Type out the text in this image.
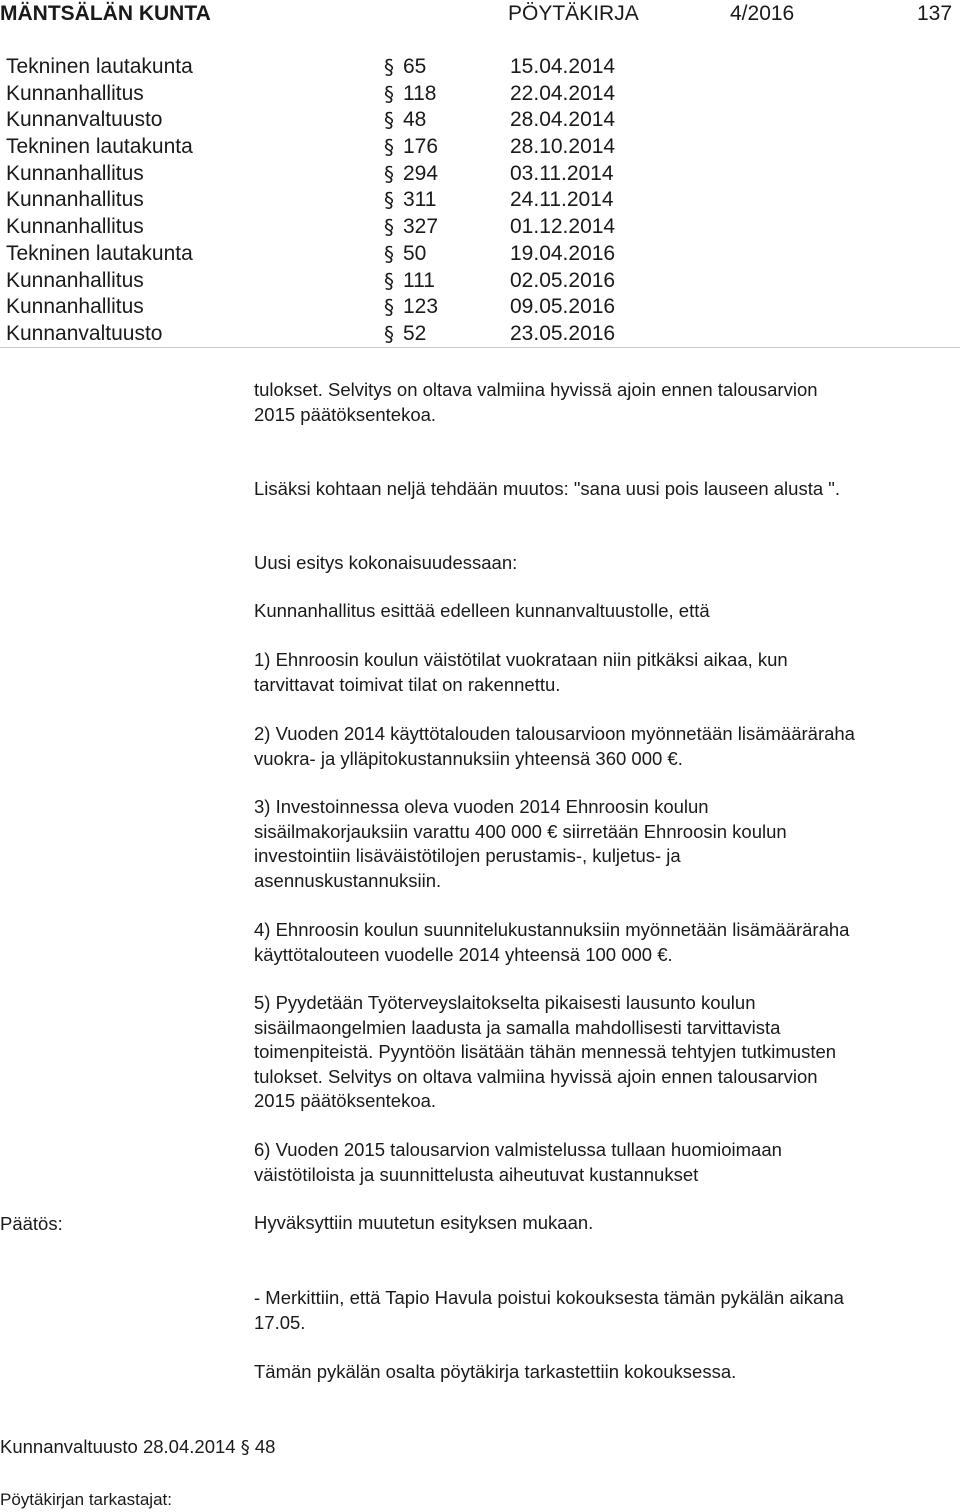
MÄNTSÄLÄN KUNTA	PÖYTÄKIRJA	4/2016	137
Tekninen lautakunta	§ 65	15.04.2014
Kunnanhallitus	§ 118	22.04.2014
Kunnanvaltuusto	§ 48	28.04.2014
Tekninen lautakunta	§ 176	28.10.2014
Kunnanhallitus	§ 294	03.11.2014
Kunnanhallitus	§ 311	24.11.2014
Kunnanhallitus	§ 327	01.12.2014
Tekninen lautakunta	§ 50	19.04.2016
Kunnanhallitus	§ 111	02.05.2016
Kunnanhallitus	§ 123	09.05.2016
Kunnanvaltuusto	§ 52	23.05.2016
tulokset. Selvitys on oltava valmiina hyvissä ajoin ennen talousarvion
2015 päätöksentekoa.
Lisäksi kohtaan neljä tehdään muutos: "sana uusi pois lauseen alusta ".
Uusi esitys kokonaisuudessaan:
Kunnanhallitus esittää edelleen kunnanvaltuustolle, että
1) Ehnroosin koulun väistötilat vuokrataan niin pitkäksi aikaa, kun
tarvittavat toimivat tilat on rakennettu.
2) Vuoden 2014 käyttötalouden talousarvioon myönnetään lisämääräraha
vuokra- ja ylläpitokustannuksiin yhteensä 360 000 €.
3) Investoinnessa oleva vuoden 2014 Ehnroosin koulun
sisäilmakorjauksiin varattu 400 000 € siirretään Ehnroosin koulun
investointiin lisäväistötilojen perustamis-, kuljetus- ja
asennuskustannuksiin.
4) Ehnroosin koulun suunnitelukustannuksiin myönnetään lisämääräraha
käyttötalouteen vuodelle 2014 yhteensä 100 000 €.
5) Pyydetään Työterveyslaitokselta pikaisesti lausunto koulun
sisäilmaongelmien laadusta ja samalla mahdollisesti tarvittavista
toimenpiteistä. Pyyntöön lisätään tähän mennessä tehtyjen tutkimusten
tulokset. Selvitys on oltava valmiina hyvissä ajoin ennen talousarvion
2015 päätöksentekoa.
6) Vuoden 2015 talousarvion valmistelussa tullaan huomioimaan
väistötiloista ja suunnittelusta aiheutuvat kustannukset
Päätös:	Hyväksyttiin muutetun esityksen mukaan.
- Merkittiin, että Tapio Havula poistui kokouksesta tämän pykälän aikana
17.05.
Tämän pykälän osalta pöytäkirja tarkastettiin kokouksessa.
Kunnanvaltuusto 28.04.2014 § 48
Pöytäkirjan tarkastajat:
